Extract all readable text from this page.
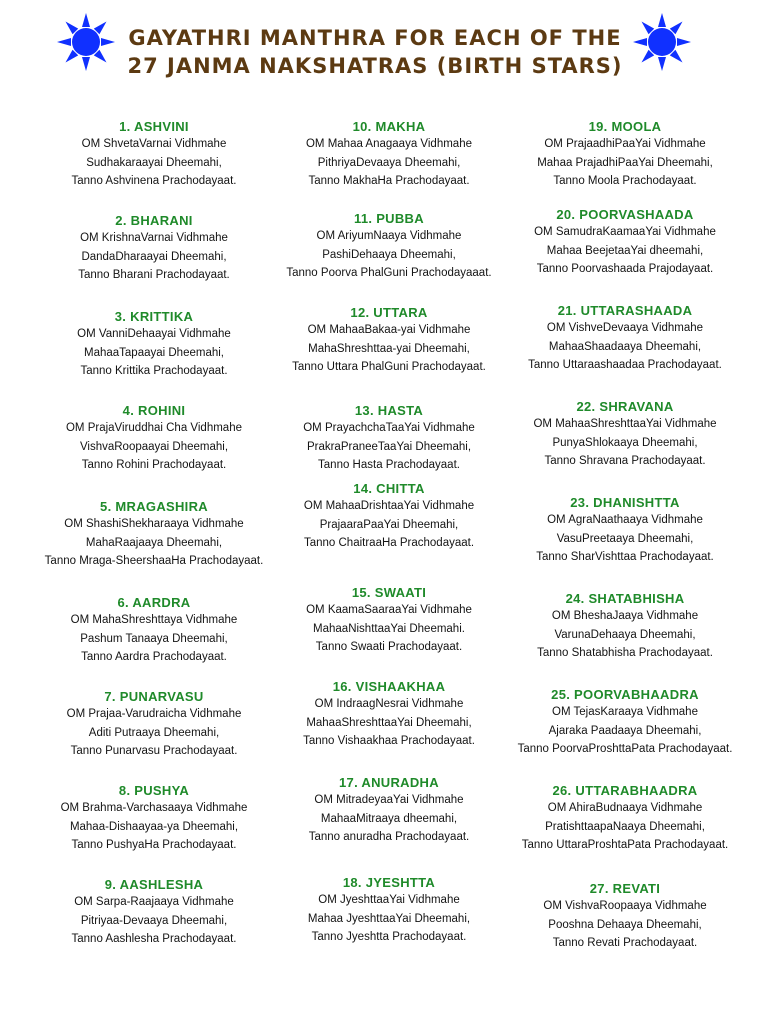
GAYATHRI MANTHRA FOR EACH OF THE
27 JANMA NAKSHATRAS (BIRTH STARS)
1. ASHVINI
OM ShvetaVarnai Vidhmahe
Sudhakaraayai Dheemahi,
Tanno Ashvinena Prachodayaat.
2. BHARANI
OM KrishnaVarnai Vidhmahe
DandaDharaayai Dheemahi,
Tanno Bharani Prachodayaat.
3. KRITTIKA
OM VanniDehaayai Vidhmahe
MahaaTapaayai Dheemahi,
Tanno Krittika Prachodayaat.
4. ROHINI
OM PrajaViruddhai Cha Vidhmahe
VishvaRoopaayai Dheemahi,
Tanno Rohini Prachodayaat.
5. MRAGASHIRA
OM ShashiShekharaaya Vidhmahe
MahaRaajaaya Dheemahi,
Tanno Mraga-SheershaaHa Prachodayaat.
6. AARDRA
OM MahaShreshttaya Vidhmahe
Pashum Tanaaya Dheemahi,
Tanno Aardra Prachodayaat.
7. PUNARVASU
OM Prajaa-Varudraicha Vidhmahe
Aditi Putraaya Dheemahi,
Tanno Punarvasu Prachodayaat.
8. PUSHYA
OM Brahma-Varchasaaya Vidhmahe
Mahaa-Dishaayaa-ya Dheemahi,
Tanno PushyaHa Prachodayaat.
9. AASHLESHA
OM Sarpa-Raajaaya Vidhmahe
Pitriyaa-Devaaya Dheemahi,
Tanno Aashlesha Prachodayaat.
10. MAKHA
OM Mahaa Anagaaya Vidhmahe
PithriyaDevaaya Dheemahi,
Tanno MakhaHa Prachodayaat.
11. PUBBA
OM AriyumNaaya Vidhmahe
PashiDehaaya Dheemahi,
Tanno Poorva PhalGuni Prachodayaaat.
12. UTTARA
OM MahaaBakaa-yai Vidhmahe
MahaShreshttaa-yai Dheemahi,
Tanno Uttara PhalGuni Prachodayaat.
13. HASTA
OM PrayachchaTaaYai Vidhmahe
PrakraPraneeTaaYai Dheemahi,
Tanno Hasta Prachodayaat.
14. CHITTA
OM MahaaDrishtaaYai Vidhmahe
PrajaaraPaaYai Dheemahi,
Tanno ChaitraaHa Prachodayaat.
15. SWAATI
OM KaamaSaaraaYai Vidhmahe
MahaaNishttaaYai Dheemahi.
Tanno Swaati Prachodayaat.
16. VISHAAKHAA
OM IndraagNesrai Vidhmahe
MahaaShreshttaaYai Dheemahi,
Tanno Vishaakhaa Prachodayaat.
17. ANURADHA
OM MitradeyaaYai Vidhmahe
MahaaMitraaya dheemahi,
Tanno anuradha Prachodayaat.
18. JYESHTTA
OM JyeshttaaYai Vidhmahe
Mahaa JyeshttaaYai Dheemahi,
Tanno Jyeshtta Prachodayaat.
19. MOOLA
OM PrajaadhiPaaYai Vidhmahe
Mahaa PrajadhiPaaYai Dheemahi,
Tanno Moola Prachodayaat.
20. POORVASHAADA
OM SamudraKaamaaYai Vidhmahe
Mahaa BeejetaaYai dheemahi,
Tanno Poorvashaada Prajodayaat.
21. UTTARASHAADA
OM VishveDevaaya Vidhmahe
MahaaShaadaaya Dheemahi,
Tanno Uttaraashaadaa Prachodayaat.
22. SHRAVANA
OM MahaaShreshttaaYai Vidhmahe
PunyaShlokaaya Dheemahi,
Tanno Shravana Prachodayaat.
23. DHANISHTTA
OM AgraNaathaaya Vidhmahe
VasuPreetaaya Dheemahi,
Tanno SharVishttaa Prachodayaat.
24. SHATABHISHA
OM BheshaJaaya Vidhmahe
VarunaDehaaya Dheemahi,
Tanno Shatabhisha Prachodayaat.
25. POORVABHAADRA
OM TejasKaraaya Vidhmahe
Ajaraka Paadaaya Dheemahi,
Tanno PoorvaProshttaPata Prachodayaat.
26. UTTARABHAADRA
OM AhiraBudnaaya Vidhmahe
PratishttaapaNaaya Dheemahi,
Tanno UttaraProshtaPata Prachodayaat.
27. REVATI
OM VishvaRoopaaya Vidhmahe
Pooshna Dehaaya Dheemahi,
Tanno Revati Prachodayaat.
